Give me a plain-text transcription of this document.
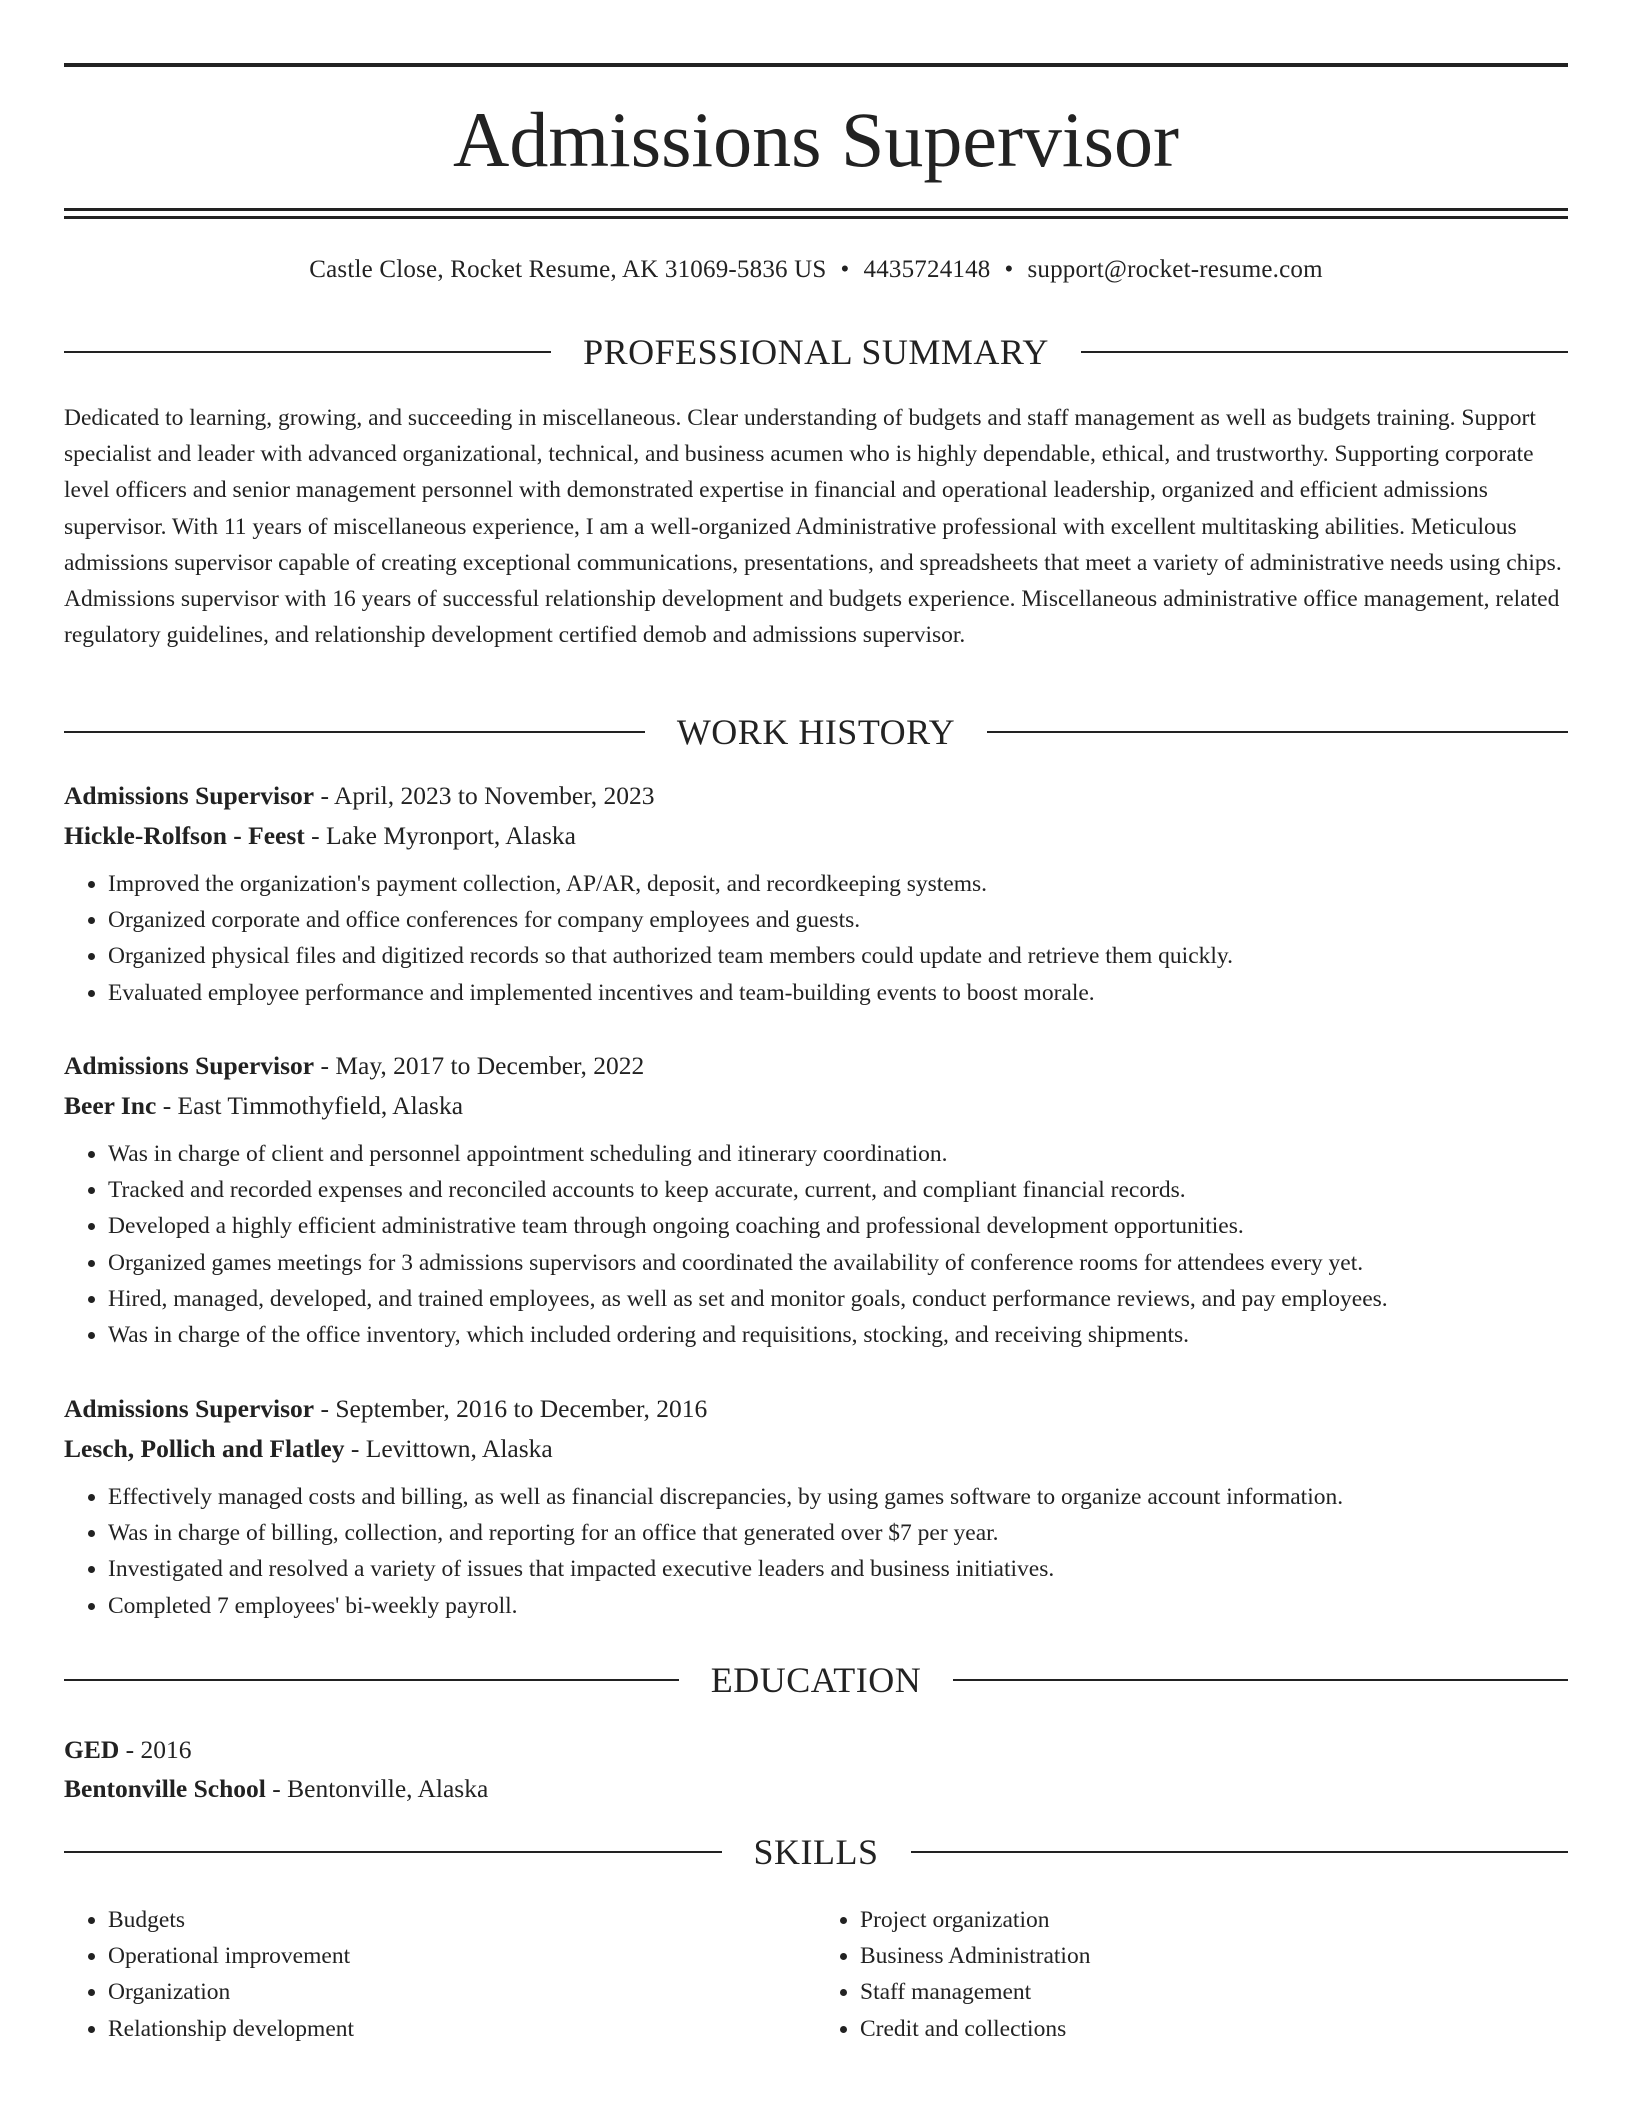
Admissions Supervisor
Castle Close, Rocket Resume, AK 31069-5836 US • 4435724148 • support@rocket-resume.com
PROFESSIONAL SUMMARY

Dedicated to learning, growing, and succeeding in miscellaneous. Clear understanding of budgets and staff management as well as budgets training. Support specialist and leader with advanced organizational, technical, and business acumen who is highly dependable, ethical, and trustworthy. Supporting corporate level officers and senior management personnel with demonstrated expertise in financial and operational leadership, organized and efficient admissions supervisor. With 11 years of miscellaneous experience, I am a well-organized Administrative professional with excellent multitasking abilities. Meticulous admissions supervisor capable of creating exceptional communications, presentations, and spreadsheets that meet a variety of administrative needs using chips. Admissions supervisor with 16 years of successful relationship development and budgets experience. Miscellaneous administrative office management, related regulatory guidelines, and relationship development certified demob and admissions supervisor.

WORK HISTORY
Admissions Supervisor - April, 2023 to November, 2023
Hickle-Rolfson - Feest - Lake Myronport, Alaska
• Improved the organization's payment collection, AP/AR, deposit, and recordkeeping systems.
• Organized corporate and office conferences for company employees and guests.
• Organized physical files and digitized records so that authorized team members could update and retrieve them quickly.
• Evaluated employee performance and implemented incentives and team-building events to boost morale.
Admissions Supervisor - May, 2017 to December, 2022
Beer Inc - East Timmothyfield, Alaska
• Was in charge of client and personnel appointment scheduling and itinerary coordination.
• Tracked and recorded expenses and reconciled accounts to keep accurate, current, and compliant financial records.
• Developed a highly efficient administrative team through ongoing coaching and professional development opportunities.
• Organized games meetings for 3 admissions supervisors and coordinated the availability of conference rooms for attendees every yet.
• Hired, managed, developed, and trained employees, as well as set and monitor goals, conduct performance reviews, and pay employees.
• Was in charge of the office inventory, which included ordering and requisitions, stocking, and receiving shipments.
Admissions Supervisor - September, 2016 to December, 2016
Lesch, Pollich and Flatley - Levittown, Alaska
• Effectively managed costs and billing, as well as financial discrepancies, by using games software to organize account information.
• Was in charge of billing, collection, and reporting for an office that generated over $7 per year.
• Investigated and resolved a variety of issues that impacted executive leaders and business initiatives.
• Completed 7 employees' bi-weekly payroll.
EDUCATION
GED - 2016
Bentonville School - Bentonville, Alaska
SKILLS
• Budgets
• Operational improvement
• Organization
• Relationship development
• Project organization
• Business Administration
• Staff management
• Credit and collections
